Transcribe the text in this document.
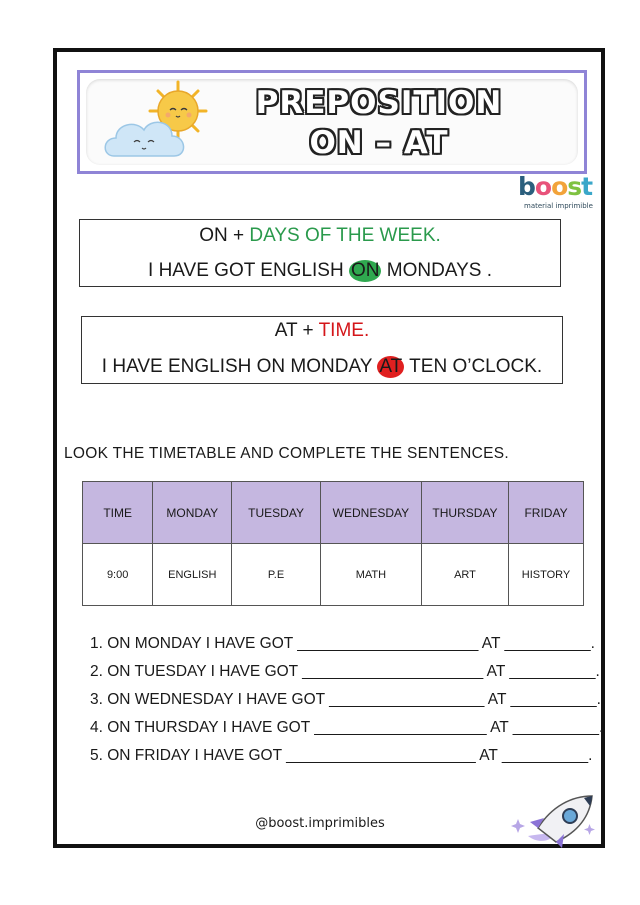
PREPOSITION
ON – AT
boost
material imprimible
ON + DAYS OF THE WEEK.
I HAVE GOT ENGLISH ON MONDAYS .
AT + TIME.
I HAVE ENGLISH ON MONDAY AT TEN O’CLOCK.
LOOK THE TIMETABLE AND COMPLETE THE SENTENCES.
TIME	MONDAY	TUESDAY	WEDNESDAY	THURSDAY	FRIDAY
9:00	ENGLISH	P.E	MATH	ART	HISTORY
1. ON MONDAY I HAVE GOT _____________________ AT __________.
2. ON TUESDAY I HAVE GOT _____________________ AT __________.
3. ON WEDNESDAY I HAVE GOT __________________ AT __________.
4. ON THURSDAY I HAVE GOT ____________________ AT __________.
5. ON FRIDAY I HAVE GOT ______________________ AT __________.
@boost.imprimibles
